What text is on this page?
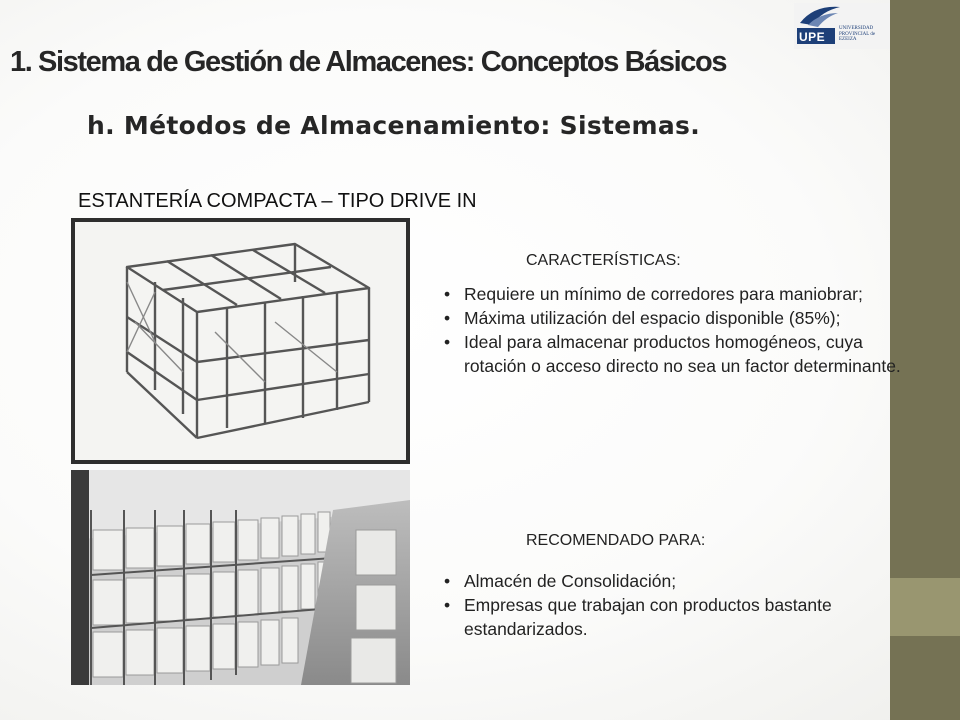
UPE
UNIVERSIDAD
PROVINCIAL de
EZEIZA
1. Sistema de Gestión de Almacenes: Conceptos Básicos
h. Métodos de Almacenamiento: Sistemas.
ESTANTERÍA COMPACTA – TIPO DRIVE IN
CARACTERÍSTICAS:
• Requiere un mínimo de corredores para maniobrar;
• Máxima utilización del espacio disponible (85%);
• Ideal para almacenar productos homogéneos, cuya rotación o acceso directo no sea un factor determinante.
RECOMENDADO PARA:
• Almacén de Consolidación;
• Empresas que trabajan con productos bastante estandarizados.
